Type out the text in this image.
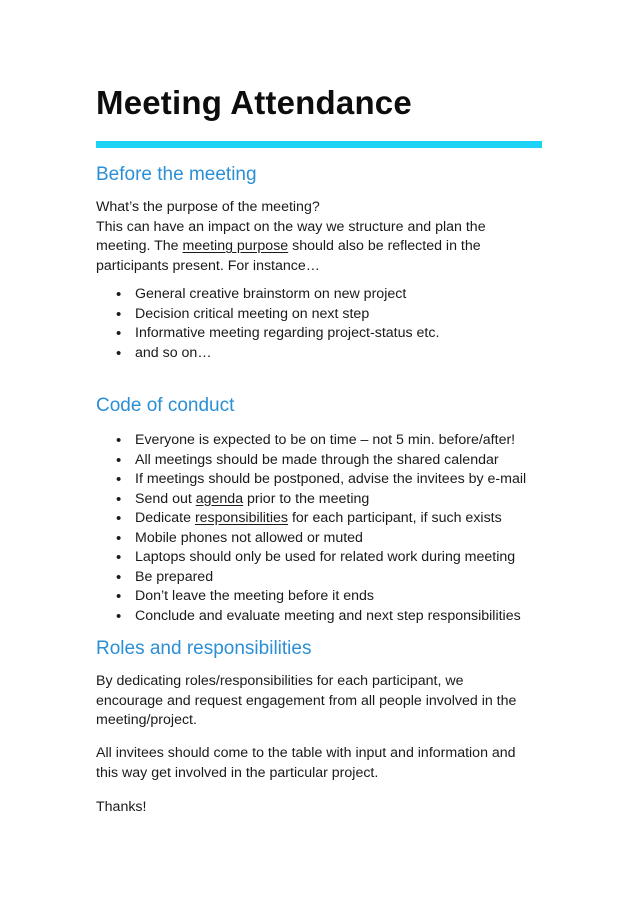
Meeting Attendance
Before the meeting

What’s the purpose of the meeting?
This can have an impact on the way we structure and plan the
meeting. The meeting purpose should also be reflected in the
participants present. For instance…

• General creative brainstorm on new project
• Decision critical meeting on next step
• Informative meeting regarding project-status etc.
• and so on…
Code of conduct
• Everyone is expected to be on time – not 5 min. before/after!
• All meetings should be made through the shared calendar
• If meetings should be postponed, advise the invitees by e-mail
• Send out agenda prior to the meeting
• Dedicate responsibilities for each participant, if such exists
• Mobile phones not allowed or muted
• Laptops should only be used for related work during meeting
• Be prepared
• Don’t leave the meeting before it ends
• Conclude and evaluate meeting and next step responsibilities
Roles and responsibilities

By dedicating roles/responsibilities for each participant, we
encourage and request engagement from all people involved in the
meeting/project.

All invitees should come to the table with input and information and
this way get involved in the particular project.

Thanks!
